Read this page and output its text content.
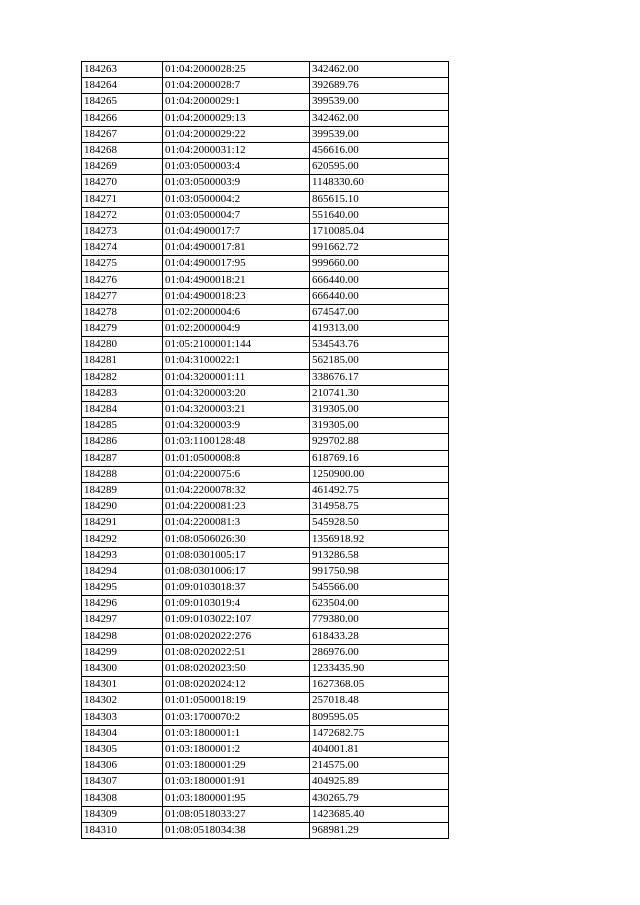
184263	01:04:2000028:25	342462.00
184264	01:04:2000028:7	392689.76
184265	01:04:2000029:1	399539.00
184266	01:04:2000029:13	342462.00
184267	01:04:2000029:22	399539.00
184268	01:04:2000031:12	456616.00
184269	01:03:0500003:4	620595.00
184270	01:03:0500003:9	1148330.60
184271	01:03:0500004:2	865615.10
184272	01:03:0500004:7	551640.00
184273	01:04:4900017:7	1710085.04
184274	01:04:4900017:81	991662.72
184275	01:04:4900017:95	999660.00
184276	01:04:4900018:21	666440.00
184277	01:04:4900018:23	666440.00
184278	01:02:2000004:6	674547.00
184279	01:02:2000004:9	419313.00
184280	01:05:2100001:144	534543.76
184281	01:04:3100022:1	562185.00
184282	01:04:3200001:11	338676.17
184283	01:04:3200003:20	210741.30
184284	01:04:3200003:21	319305.00
184285	01:04:3200003:9	319305.00
184286	01:03:1100128:48	929702.88
184287	01:01:0500008:8	618769.16
184288	01:04:2200075:6	1250900.00
184289	01:04:2200078:32	461492.75
184290	01:04:2200081:23	314958.75
184291	01:04:2200081:3	545928.50
184292	01:08:0506026:30	1356918.92
184293	01:08:0301005:17	913286.58
184294	01:08:0301006:17	991750.98
184295	01:09:0103018:37	545566.00
184296	01:09:0103019:4	623504.00
184297	01:09:0103022:107	779380.00
184298	01:08:0202022:276	618433.28
184299	01:08:0202022:51	286976.00
184300	01:08:0202023:50	1233435.90
184301	01:08:0202024:12	1627368.05
184302	01:01:0500018:19	257018.48
184303	01:03:1700070:2	809595.05
184304	01:03:1800001:1	1472682.75
184305	01:03:1800001:2	404001.81
184306	01:03:1800001:29	214575.00
184307	01:03:1800001:91	404925.89
184308	01:03:1800001:95	430265.79
184309	01:08:0518033:27	1423685.40
184310	01:08:0518034:38	968981.29
